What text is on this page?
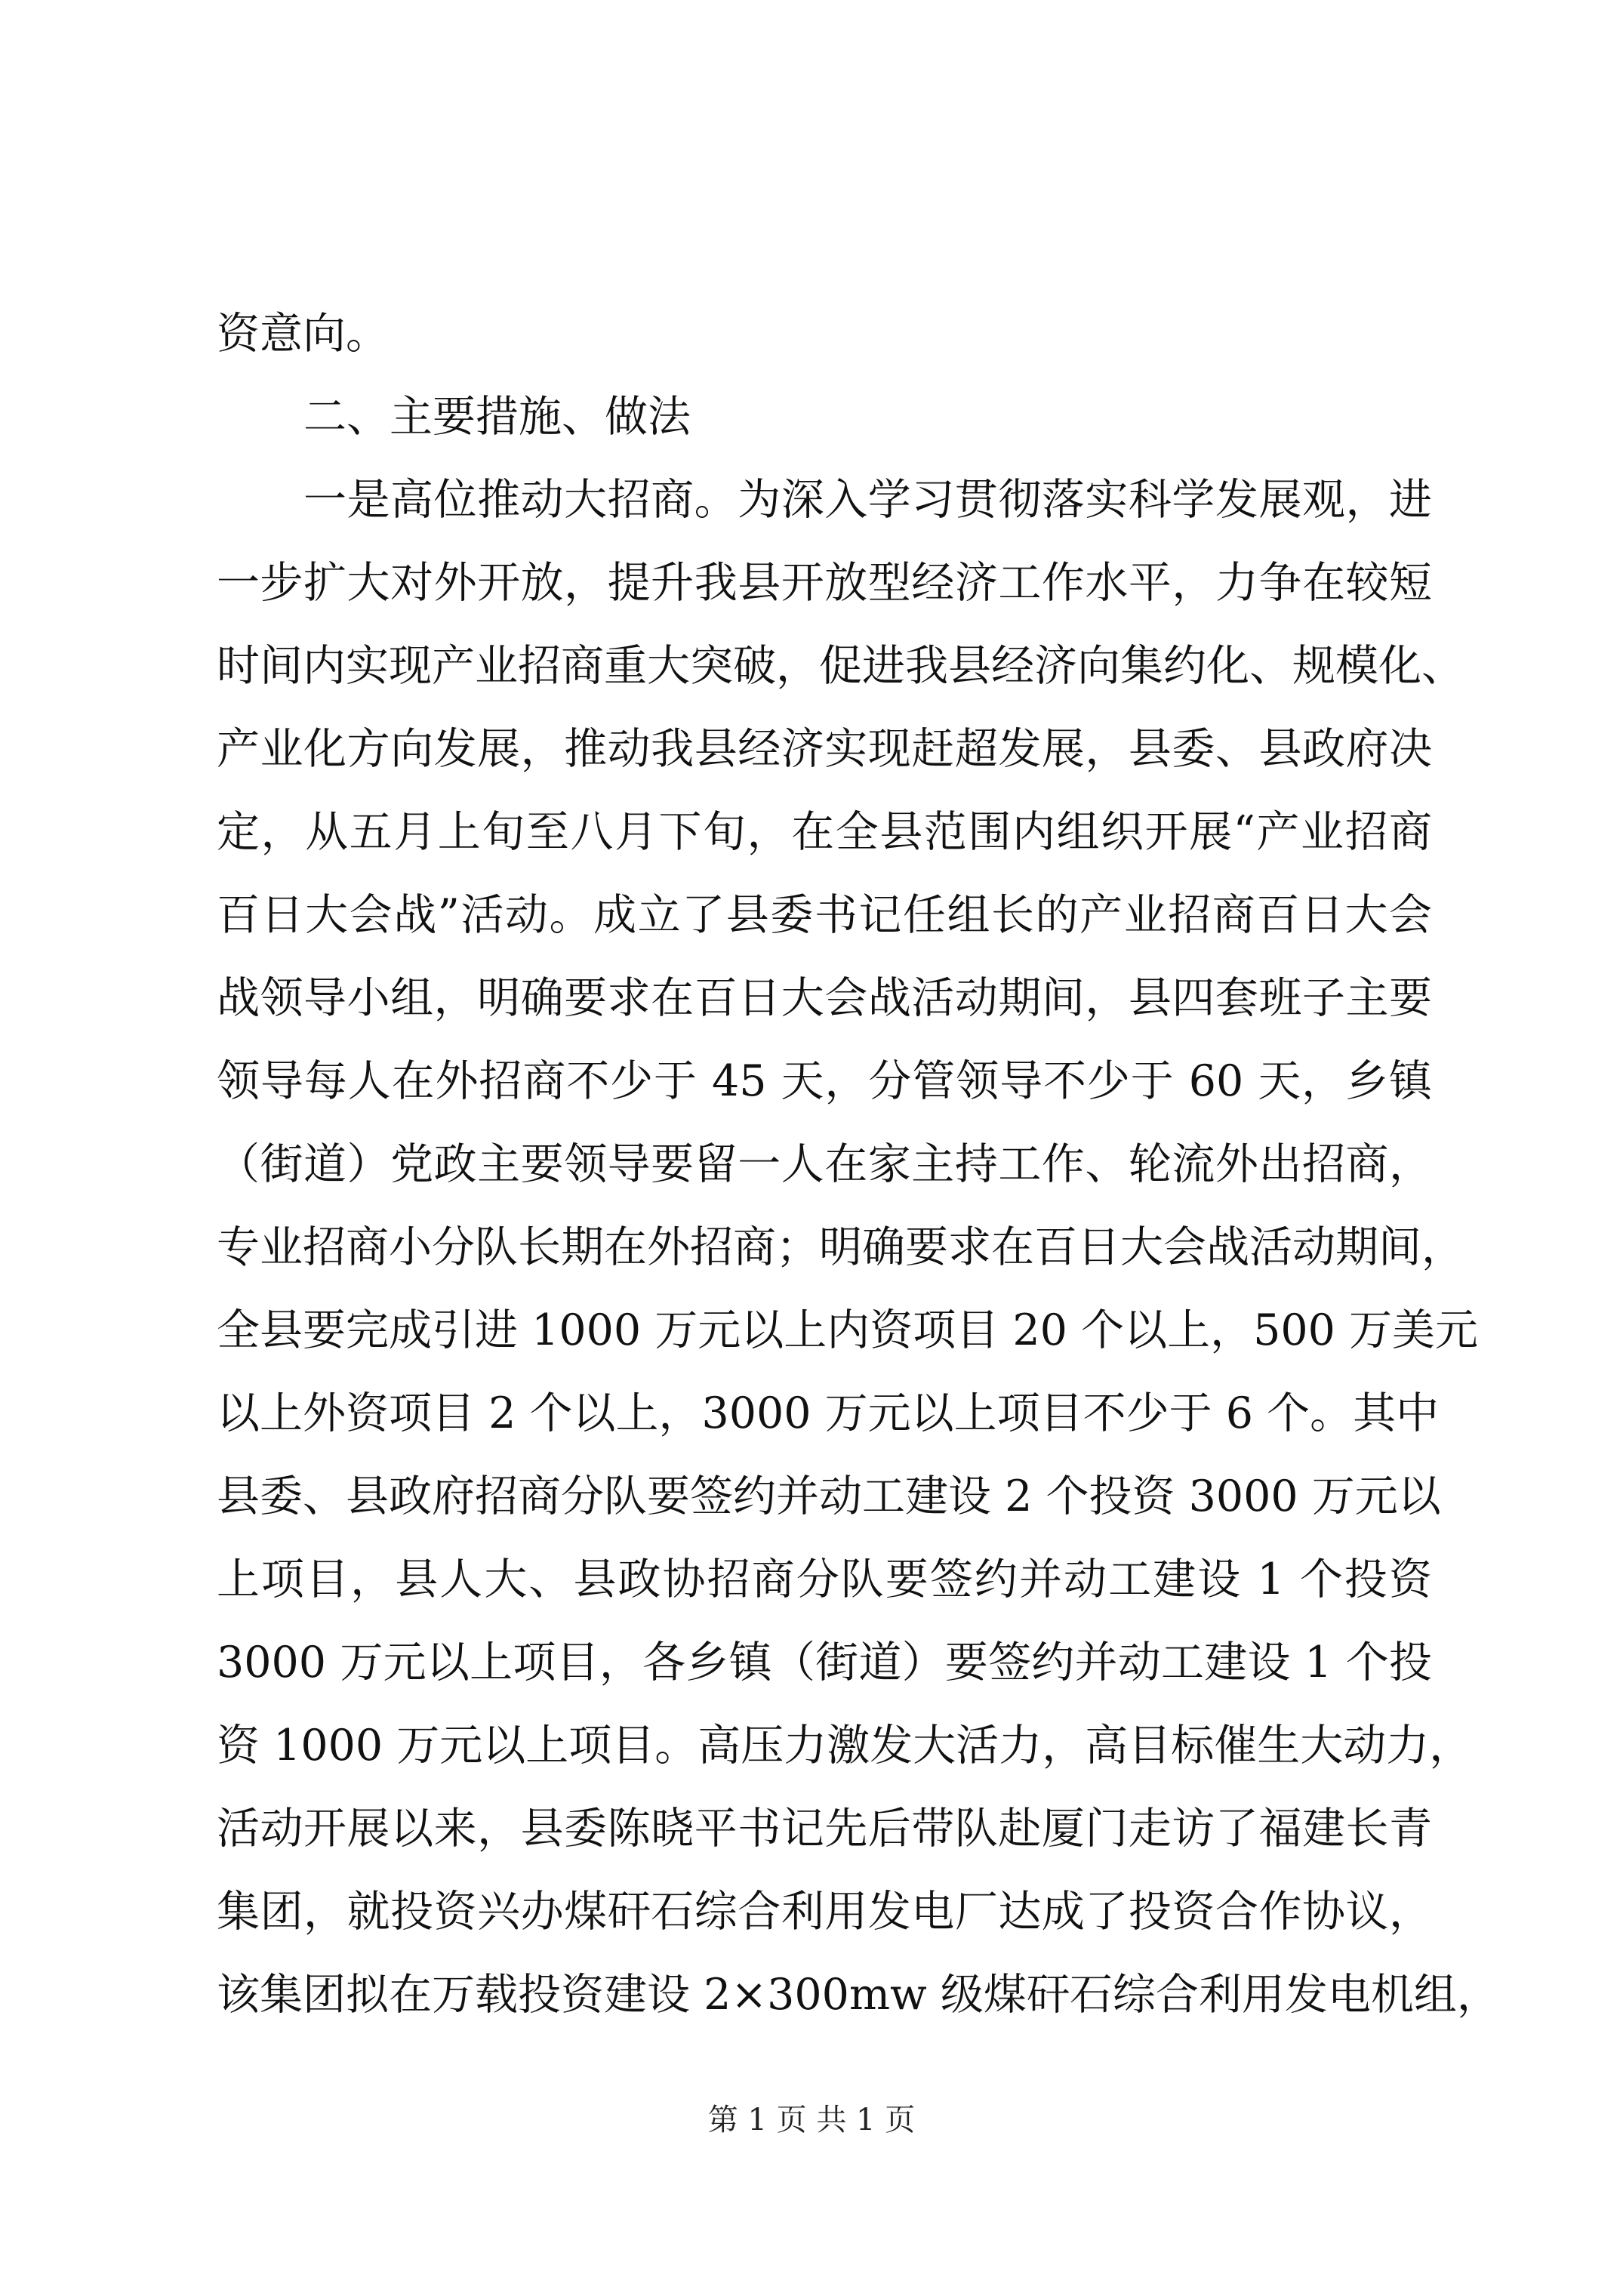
资意向。
二、主要措施、做法
一是高位推动大招商。为深入学习贯彻落实科学发展观，进
一步扩大对外开放，提升我县开放型经济工作水平，力争在较短
时间内实现产业招商重大突破，促进我县经济向集约化、规模化、
产业化方向发展，推动我县经济实现赶超发展，县委、县政府决
定，从五月上旬至八月下旬，在全县范围内组织开展“产业招商
百日大会战”活动。成立了县委书记任组长的产业招商百日大会
战领导小组，明确要求在百日大会战活动期间，县四套班子主要
领导每人在外招商不少于 45 天，分管领导不少于 60 天，乡镇
（街道）党政主要领导要留一人在家主持工作、轮流外出招商，
专业招商小分队长期在外招商；明确要求在百日大会战活动期间，
全县要完成引进 1000 万元以上内资项目 20 个以上，500 万美元
以上外资项目 2 个以上，3000 万元以上项目不少于 6 个。其中
县委、县政府招商分队要签约并动工建设 2 个投资 3000 万元以
上项目，县人大、县政协招商分队要签约并动工建设 1 个投资
3000 万元以上项目，各乡镇（街道）要签约并动工建设 1 个投
资 1000 万元以上项目。高压力激发大活力，高目标催生大动力，
活动开展以来，县委陈晓平书记先后带队赴厦门走访了福建长青
集团，就投资兴办煤矸石综合利用发电厂达成了投资合作协议，
该集团拟在万载投资建设 2×300mw 级煤矸石综合利用发电机组，
第 1 页 共 1 页
